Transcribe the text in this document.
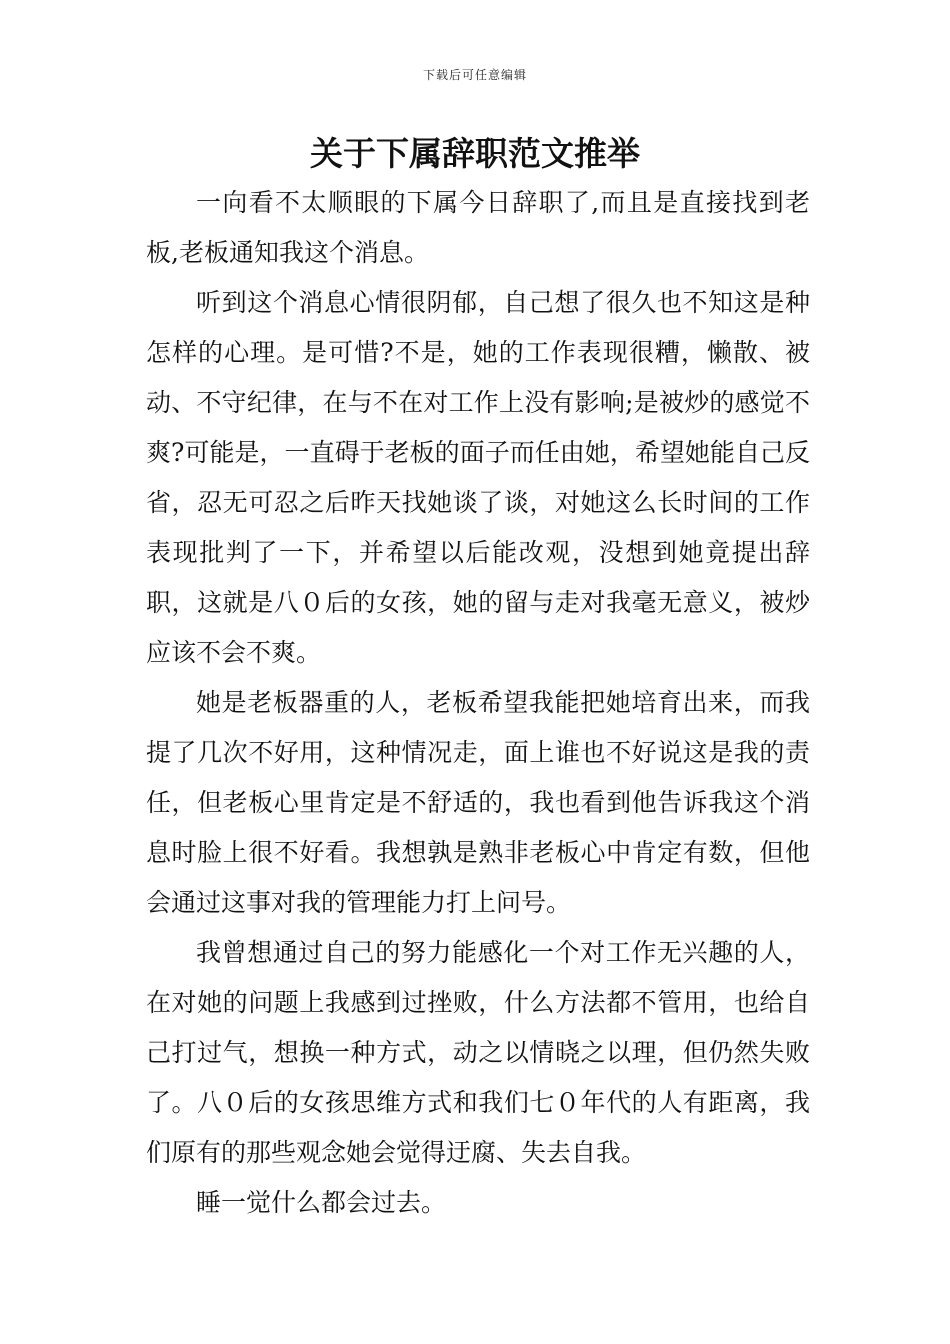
下载后可任意编辑
关于下属辞职范文推举

一向看不太顺眼的下属今日辞职了,而且是直接找到老板,老板通知我这个消息。

听到这个消息心情很阴郁，自己想了很久也不知这是种怎样的心理。是可惜?不是，她的工作表现很糟，懒散、被动、不守纪律，在与不在对工作上没有影响;是被炒的感觉不爽?可能是，一直碍于老板的面子而任由她，希望她能自己反省，忍无可忍之后昨天找她谈了谈，对她这么长时间的工作表现批判了一下，并希望以后能改观，没想到她竟提出辞职，这就是八０后的女孩，她的留与走对我毫无意义，被炒应该不会不爽。

她是老板器重的人，老板希望我能把她培育出来，而我提了几次不好用，这种情况走，面上谁也不好说这是我的责任，但老板心里肯定是不舒适的，我也看到他告诉我这个消息时脸上很不好看。我想孰是熟非老板心中肯定有数，但他会通过这事对我的管理能力打上问号。

我曾想通过自己的努力能感化一个对工作无兴趣的人，在对她的问题上我感到过挫败，什么方法都不管用，也给自己打过气，想换一种方式，动之以情晓之以理，但仍然失败了。八０后的女孩思维方式和我们七０年代的人有距离，我们原有的那些观念她会觉得迂腐、失去自我。

睡一觉什么都会过去。
